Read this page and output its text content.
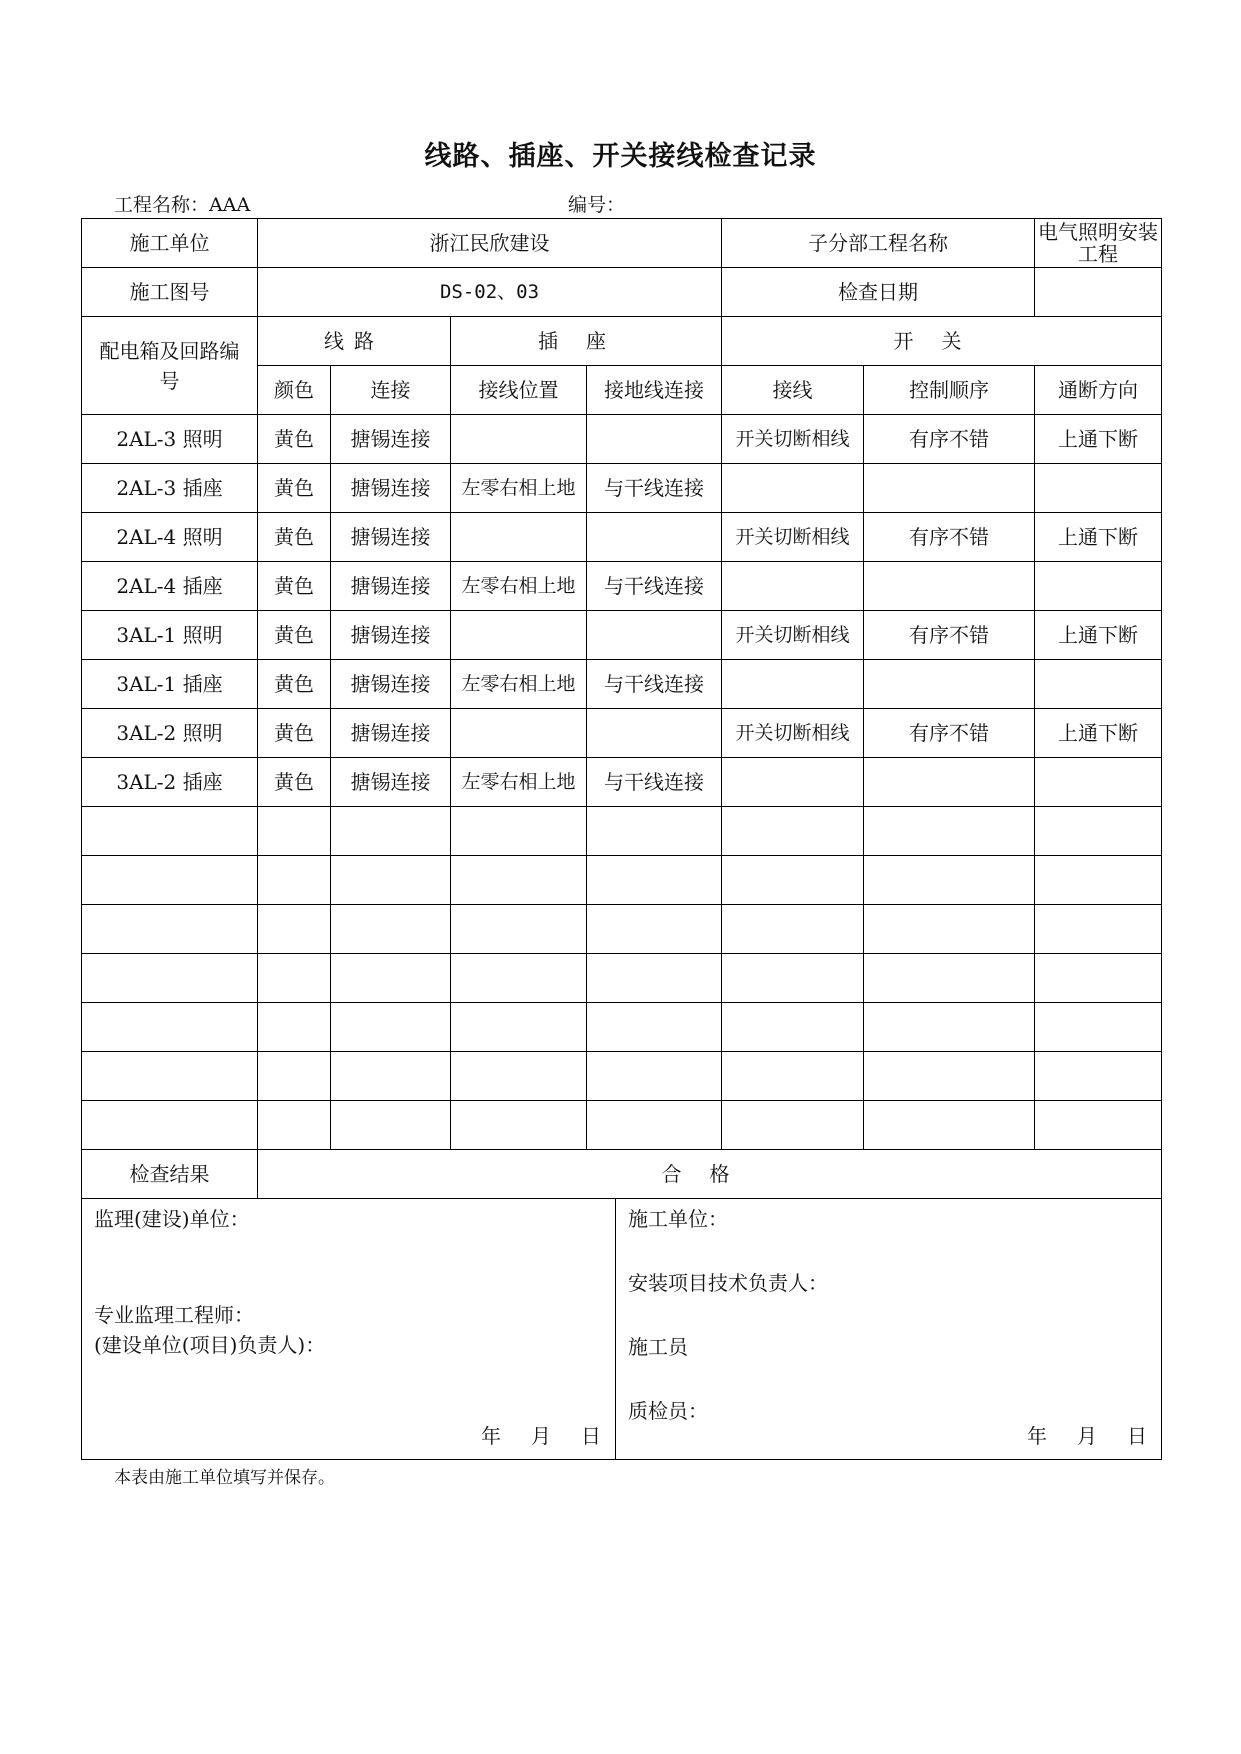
线路、插座、开关接线检查记录
工程名称：AAA	编号：
施工单位	浙江民欣建设				子分部工程名称		电气照明安装工程
施工图号	DS-02、03				检查日期		
配电箱及回路编号	线路		插座		开关		
	颜色	连接	接线位置	接地线连接	接线	控制顺序	通断方向
2AL-3 照明	黄色	搪锡连接			开关切断相线	有序不错	上通下断
2AL-3 插座	黄色	搪锡连接	左零右相上地	与干线连接			
2AL-4 照明	黄色	搪锡连接			开关切断相线	有序不错	上通下断
2AL-4 插座	黄色	搪锡连接	左零右相上地	与干线连接			
3AL-1 照明	黄色	搪锡连接			开关切断相线	有序不错	上通下断
3AL-1 插座	黄色	搪锡连接	左零右相上地	与干线连接			
3AL-2 照明	黄色	搪锡连接			开关切断相线	有序不错	上通下断
3AL-2 插座	黄色	搪锡连接	左零右相上地	与干线连接			

检查结果	合格						
监理(建设)单位：
专业监理工程师：
(建设单位(项目)负责人)：
年 月 日

施工单位：
安装项目技术负责人：
施工员
质检员：
年 月 日
本表由施工单位填写并保存。
